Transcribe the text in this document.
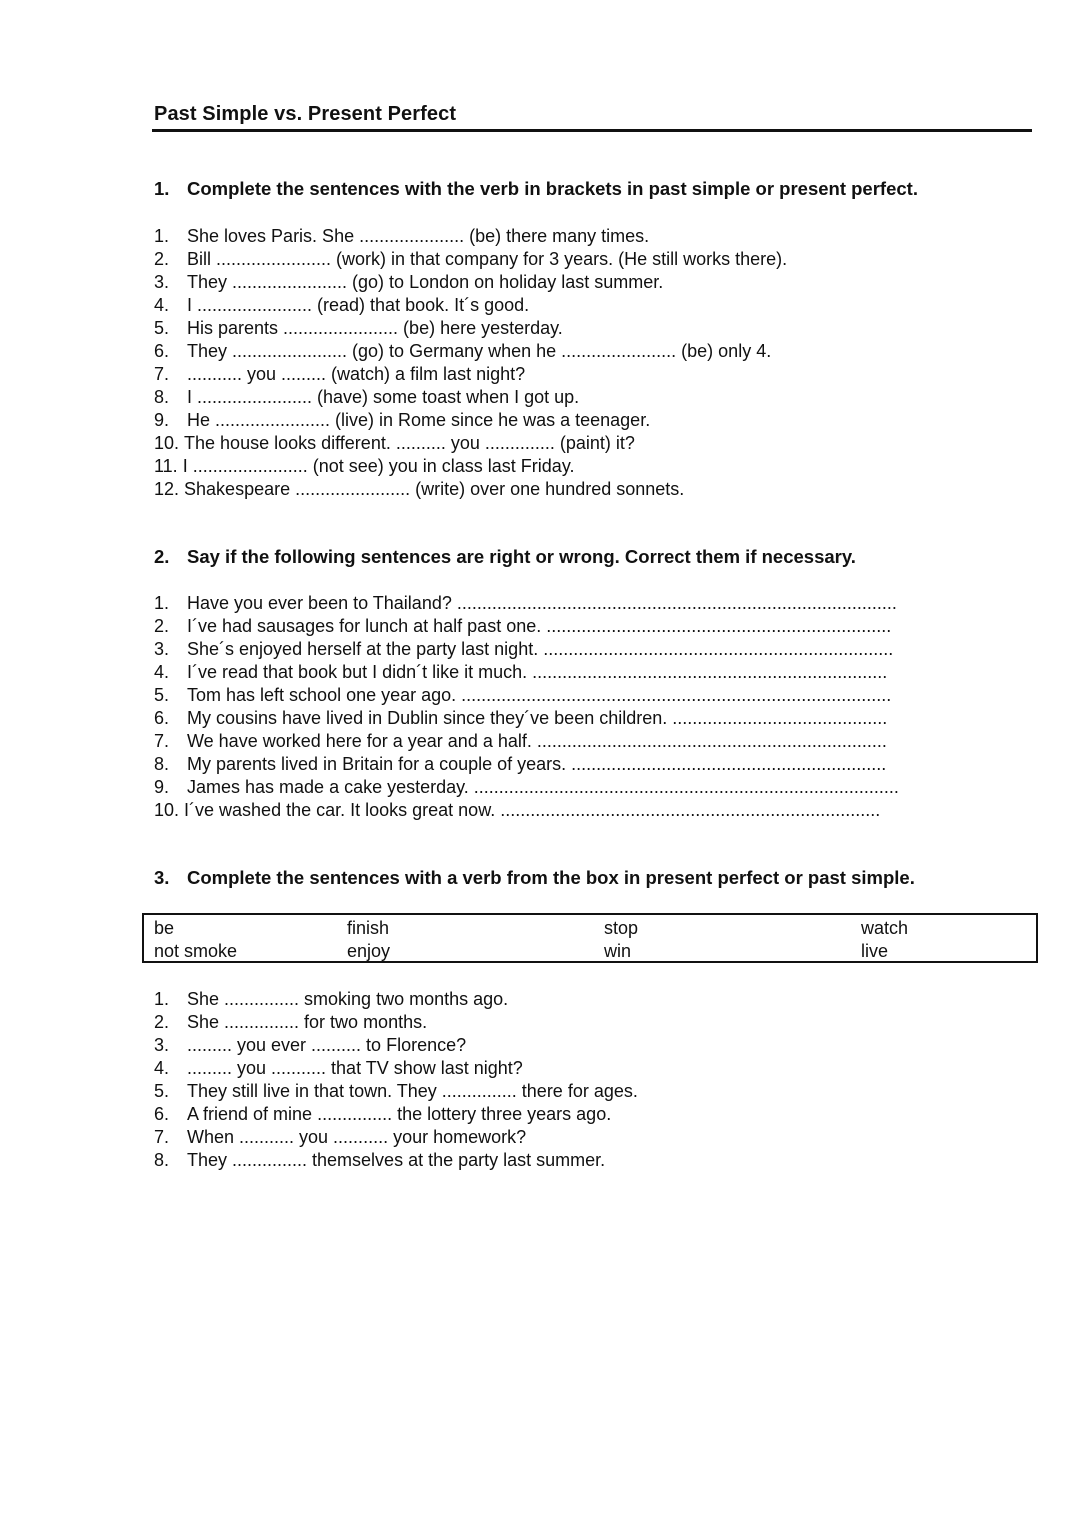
Past Simple vs. Present Perfect
1. Complete the sentences with the verb in brackets in past simple or present perfect.
1. She loves Paris. She ..................... (be) there many times.
2. Bill ....................... (work) in that company for 3 years. (He still works there).
3. They ....................... (go) to London on holiday last summer.
4. I ....................... (read) that book. It´s good.
5. His parents ....................... (be) here yesterday.
6. They ....................... (go) to Germany when he ....................... (be) only 4.
7. ........... you ......... (watch) a film last night?
8. I ....................... (have) some toast when I got up.
9. He ....................... (live) in Rome since he was a teenager.
10. The house looks different. .......... you .............. (paint) it?
11. I ....................... (not see) you in class last Friday.
12. Shakespeare ....................... (write) over one hundred sonnets.
2. Say if the following sentences are right or wrong. Correct them if necessary.
1. Have you ever been to Thailand? ........................................................................................
2. I´ve had sausages for lunch at half past one. .....................................................................
3. She´s enjoyed herself at the party last night. ......................................................................
4. I´ve read that book but I didn´t like it much. .......................................................................
5. Tom has left school one year ago. ......................................................................................
6. My cousins have lived in Dublin since they´ve been children. ...........................................
7. We have worked here for a year and a half. ......................................................................
8. My parents lived in Britain for a couple of years. ...............................................................
9. James has made a cake yesterday. .....................................................................................
10. I´ve washed the car. It looks great now. ............................................................................
3. Complete the sentences with a verb from the box in present perfect or past simple.
be	finish	stop	watch
not smoke	enjoy	win	live
1. She ............... smoking two months ago.
2. She ............... for two months.
3. ......... you ever .......... to Florence?
4. ......... you ........... that TV show last night?
5. They still live in that town. They ............... there for ages.
6. A friend of mine ............... the lottery three years ago.
7. When ........... you ........... your homework?
8. They ............... themselves at the party last summer.
